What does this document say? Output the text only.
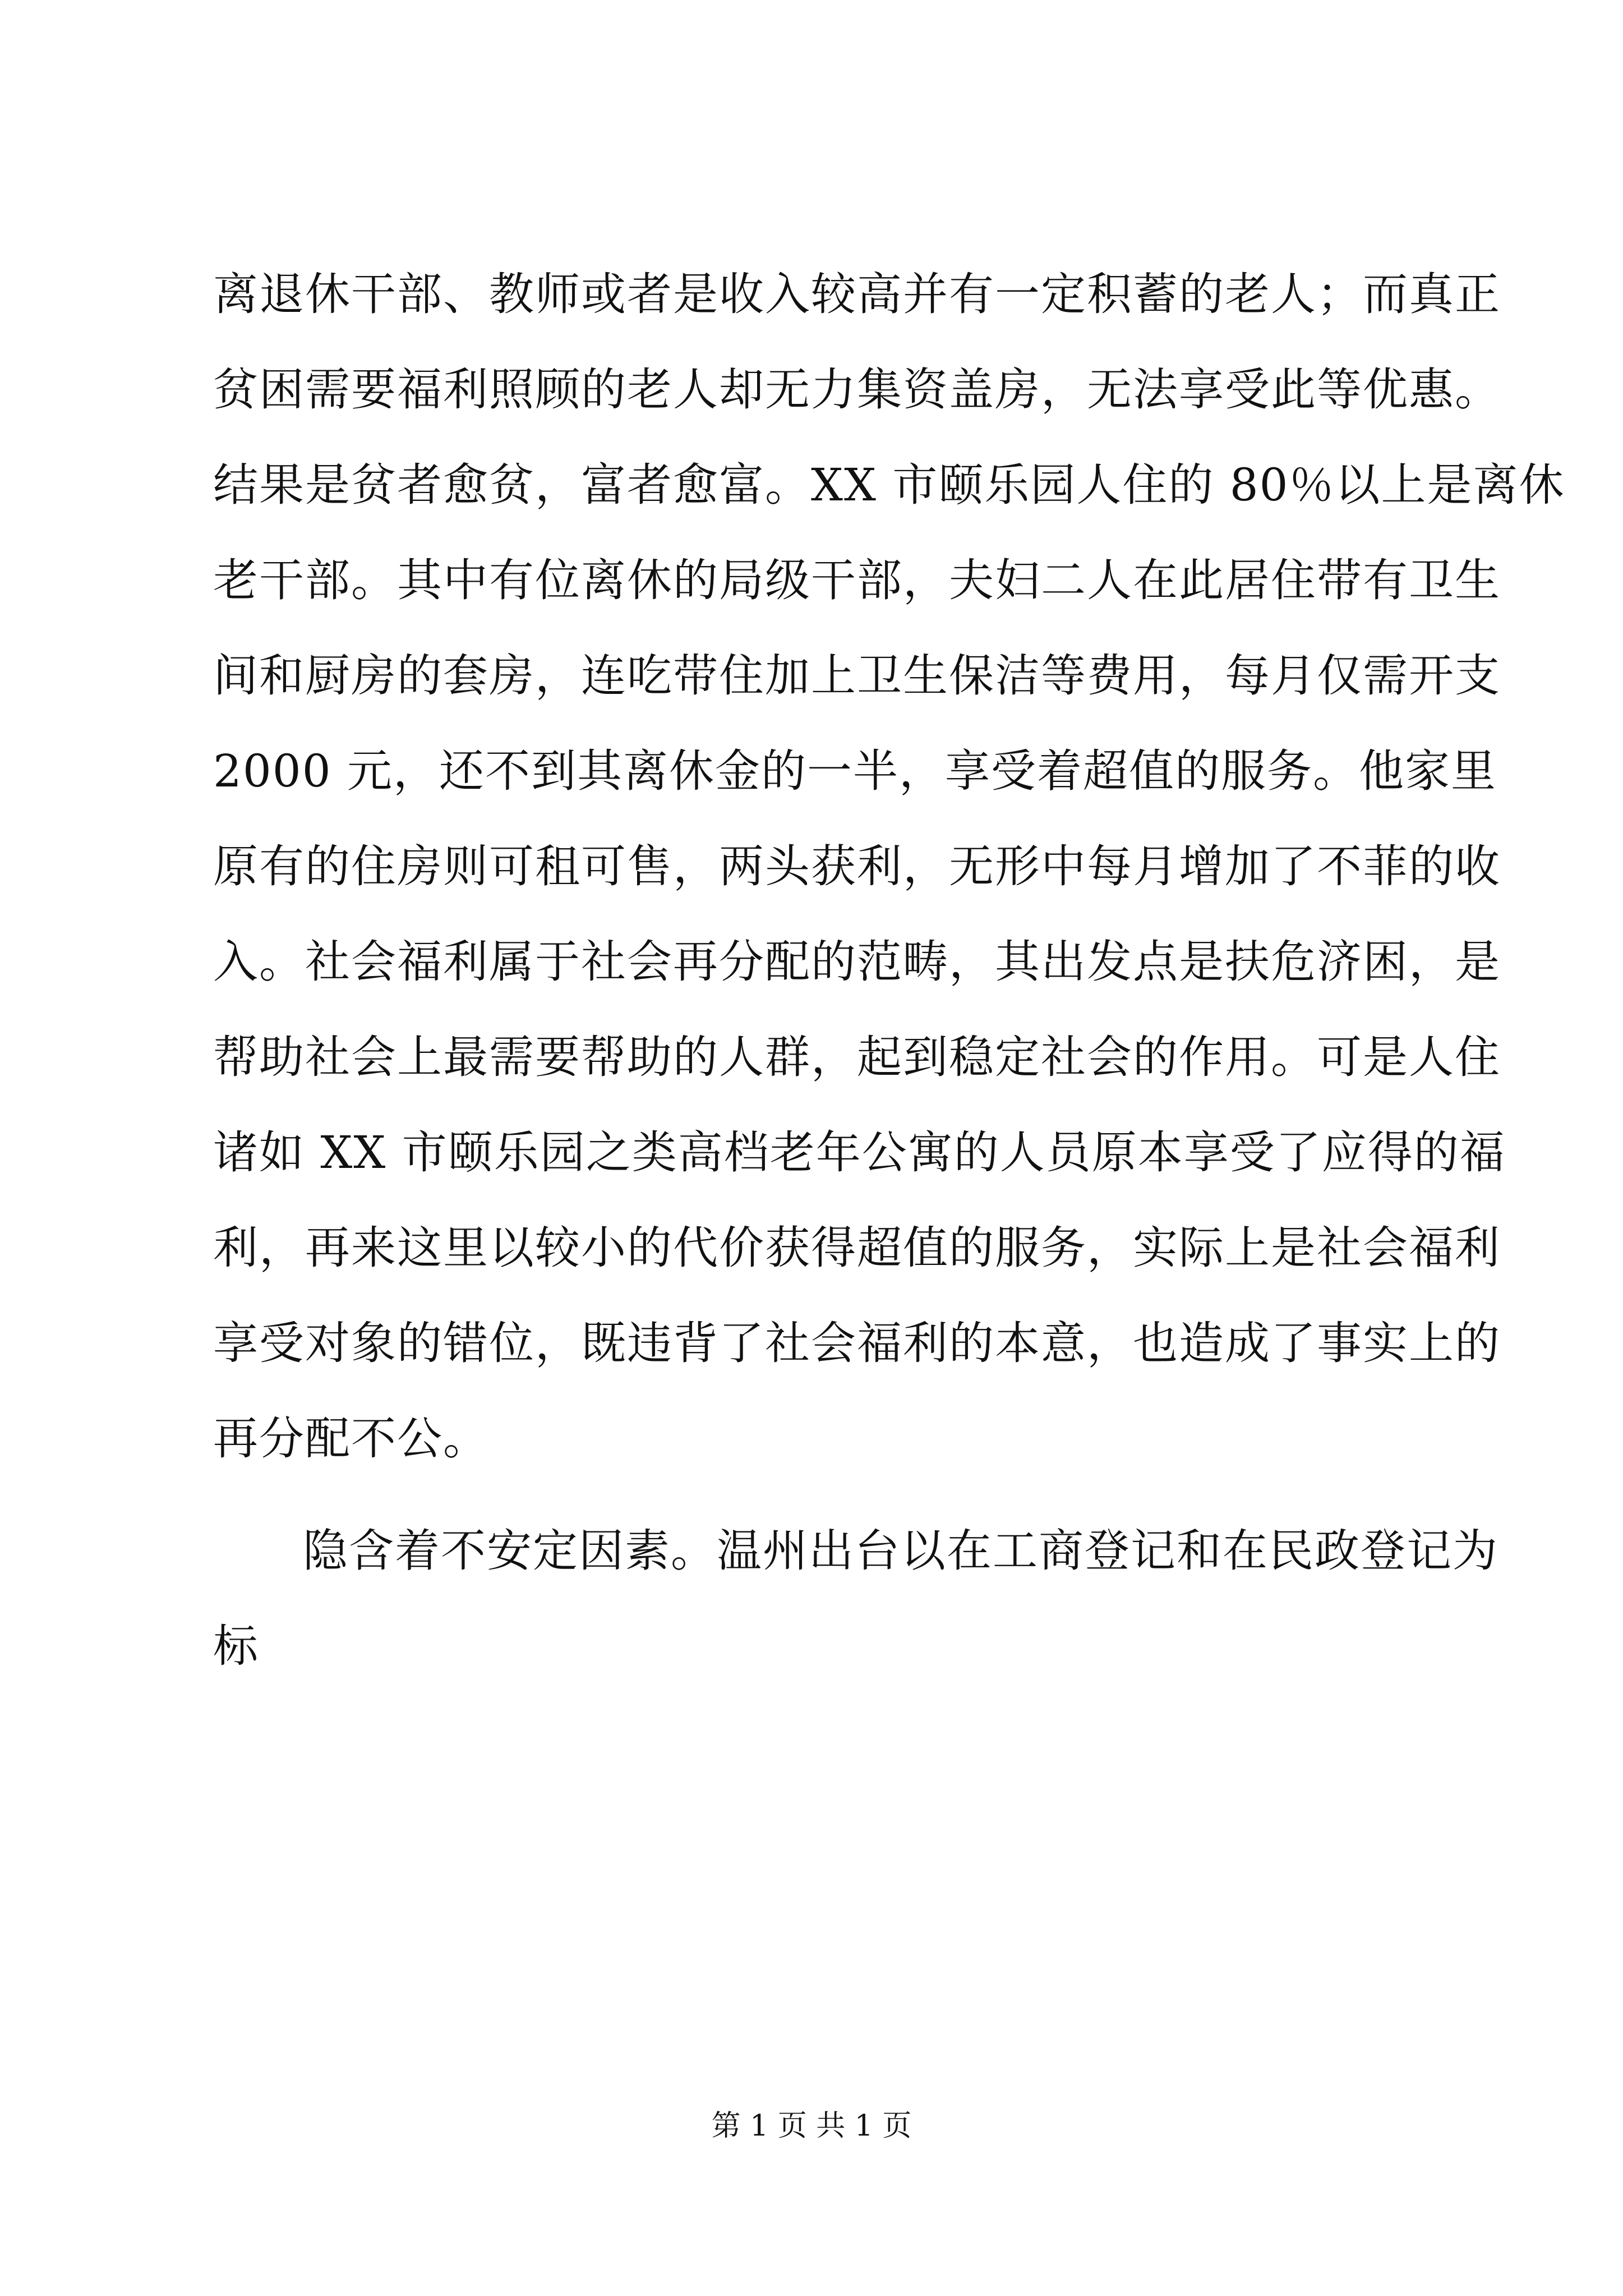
离退休干部、教师或者是收入较高并有一定积蓄的老人；而真正
贫困需要福利照顾的老人却无力集资盖房，无法享受此等优惠。
结果是贫者愈贫，富者愈富。XX 市颐乐园人住的 80％以上是离休
老干部。其中有位离休的局级干部，夫妇二人在此居住带有卫生
间和厨房的套房，连吃带住加上卫生保洁等费用，每月仅需开支
2000 元，还不到其离休金的一半，享受着超值的服务。他家里
原有的住房则可租可售，两头获利，无形中每月增加了不菲的收
入。社会福利属于社会再分配的范畴，其出发点是扶危济困，是
帮助社会上最需要帮助的人群，起到稳定社会的作用。可是人住
诸如 XX 市颐乐园之类高档老年公寓的人员原本享受了应得的福
利，再来这里以较小的代价获得超值的服务，实际上是社会福利
享受对象的错位，既违背了社会福利的本意，也造成了事实上的
再分配不公。
隐含着不安定因素。温州出台以在工商登记和在民政登记为
标
第 1 页 共 1 页
